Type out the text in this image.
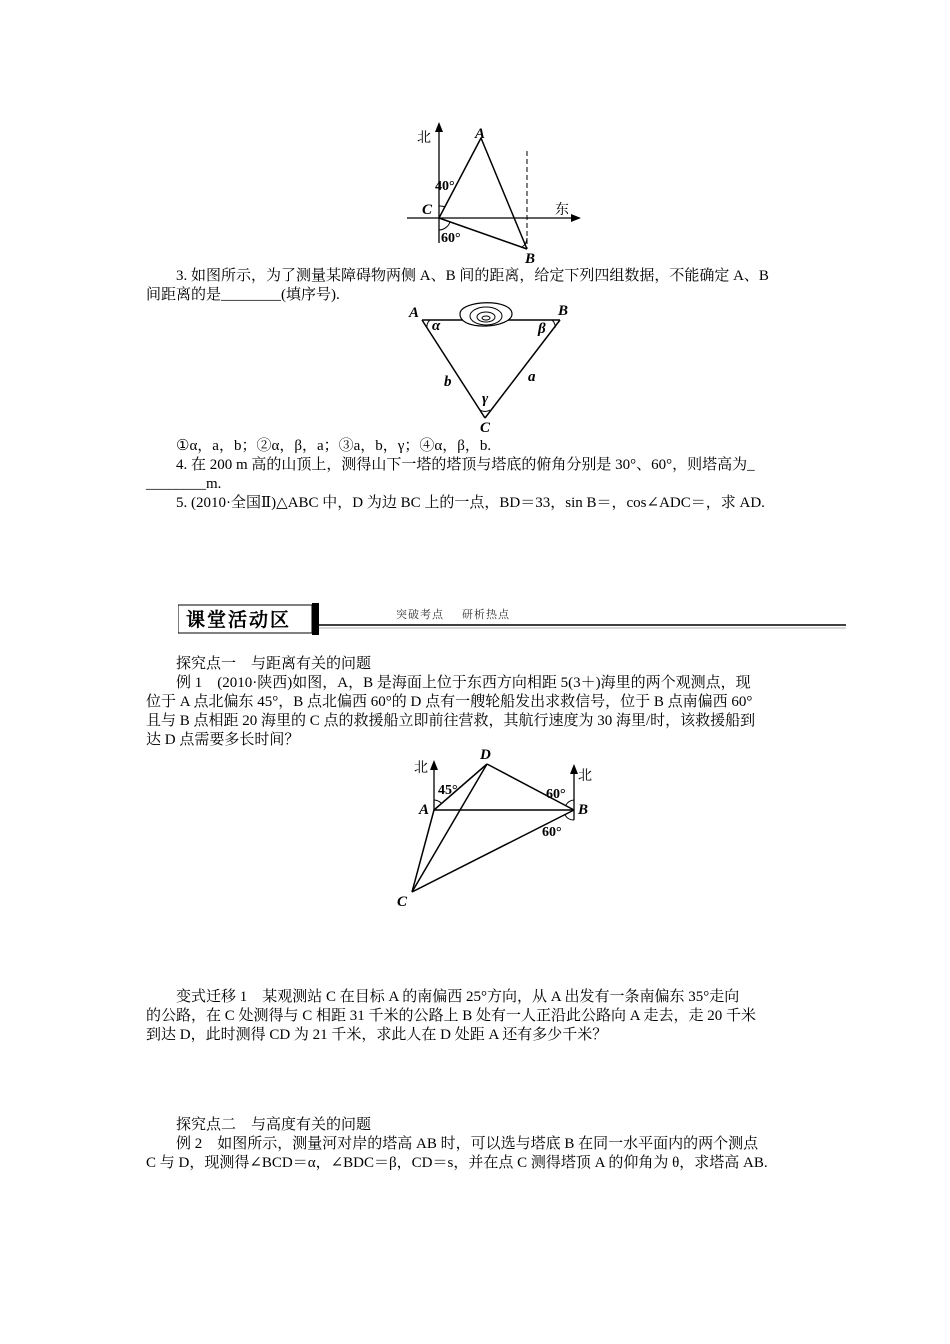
北
东
A
C
B
40°
60°
3. 如图所示，为了测量某障碍物两侧 A、B 间的距离，给定下列四组数据，不能确定 A、B
间距离的是________(填序号).
A	B
C
α	β
γ
b	a
①α，a，b；②α，β，a；③a，b，γ；④α，β，b.
4. 在 200 m 高的山顶上，测得山下一塔的塔顶与塔底的俯角分别是 30°、60°，则塔高为_
________m.
5. (2010·全国Ⅱ)△ABC 中，D 为边 BC 上的一点，BD＝33，sin B＝，cos∠ADC＝，求 AD.
课堂活动区	突破考点    研析热点
探究点一　与距离有关的问题
例 1　(2010·陕西)如图，A，B 是海面上位于东西方向相距 5(3＋)海里的两个观测点，现
位于 A 点北偏东 45°，B 点北偏西 60°的 D 点有一艘轮船发出求救信号，位于 B 点南偏西 60°
且与 B 点相距 20 海里的 C 点的救援船立即前往营救，其航行速度为 30 海里/时，该救援船到
达 D 点需要多长时间？
北
北
D
A	B
C
45°	60°
60°
变式迁移 1　某观测站 C 在目标 A 的南偏西 25°方向，从 A 出发有一条南偏东 35°走向
的公路，在 C 处测得与 C 相距 31 千米的公路上 B 处有一人正沿此公路向 A 走去，走 20 千米
到达 D，此时测得 CD 为 21 千米，求此人在 D 处距 A 还有多少千米？
探究点二　与高度有关的问题
例 2　如图所示，测量河对岸的塔高 AB 时，可以选与塔底 B 在同一水平面内的两个测点
C 与 D，现测得∠BCD＝α，∠BDC＝β，CD＝s，并在点 C 测得塔顶 A 的仰角为 θ，求塔高 AB.
